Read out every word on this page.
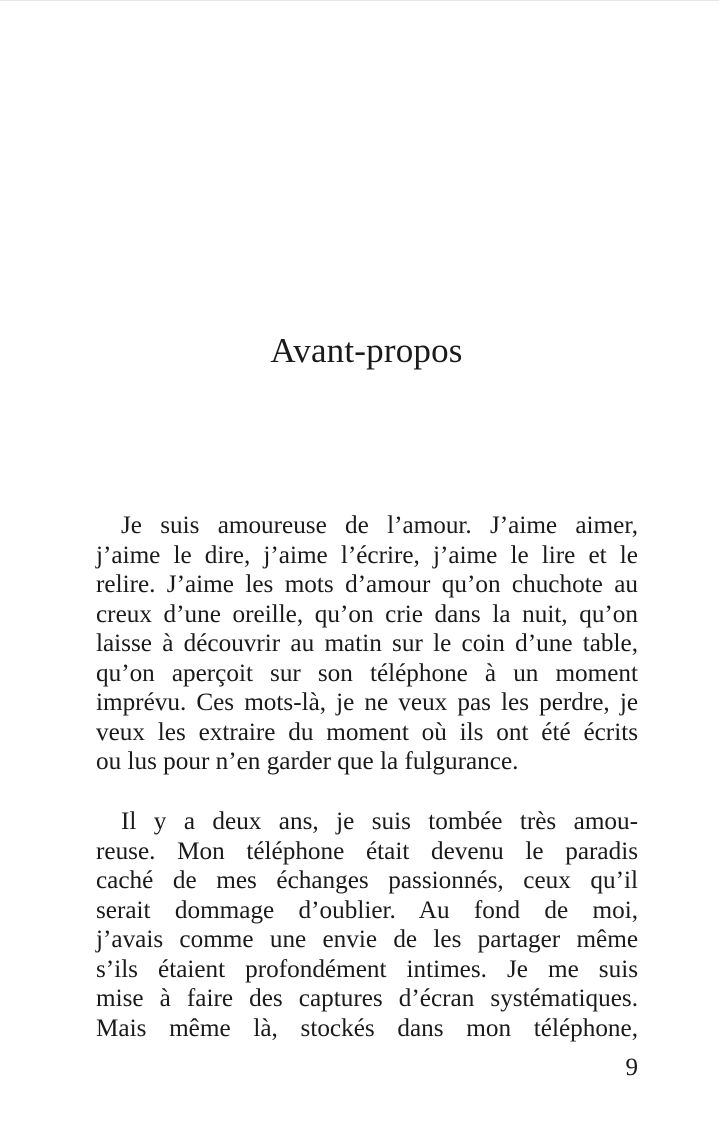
Avant-propos

Je suis amoureuse de l’amour. J’aime aimer,
j’aime le dire, j’aime l’écrire, j’aime le lire et le
relire. J’aime les mots d’amour qu’on chuchote au
creux d’une oreille, qu’on crie dans la nuit, qu’on
laisse à découvrir au matin sur le coin d’une table,
qu’on aperçoit sur son téléphone à un moment
imprévu. Ces mots-là, je ne veux pas les perdre, je
veux les extraire du moment où ils ont été écrits
ou lus pour n’en garder que la fulgurance.

Il y a deux ans, je suis tombée très amou-
reuse. Mon téléphone était devenu le paradis
caché de mes échanges passionnés, ceux qu’il
serait dommage d’oublier. Au fond de moi,
j’avais comme une envie de les partager même
s’ils étaient profondément intimes. Je me suis
mise à faire des captures d’écran systématiques.
Mais même là, stockés dans mon téléphone,

9
